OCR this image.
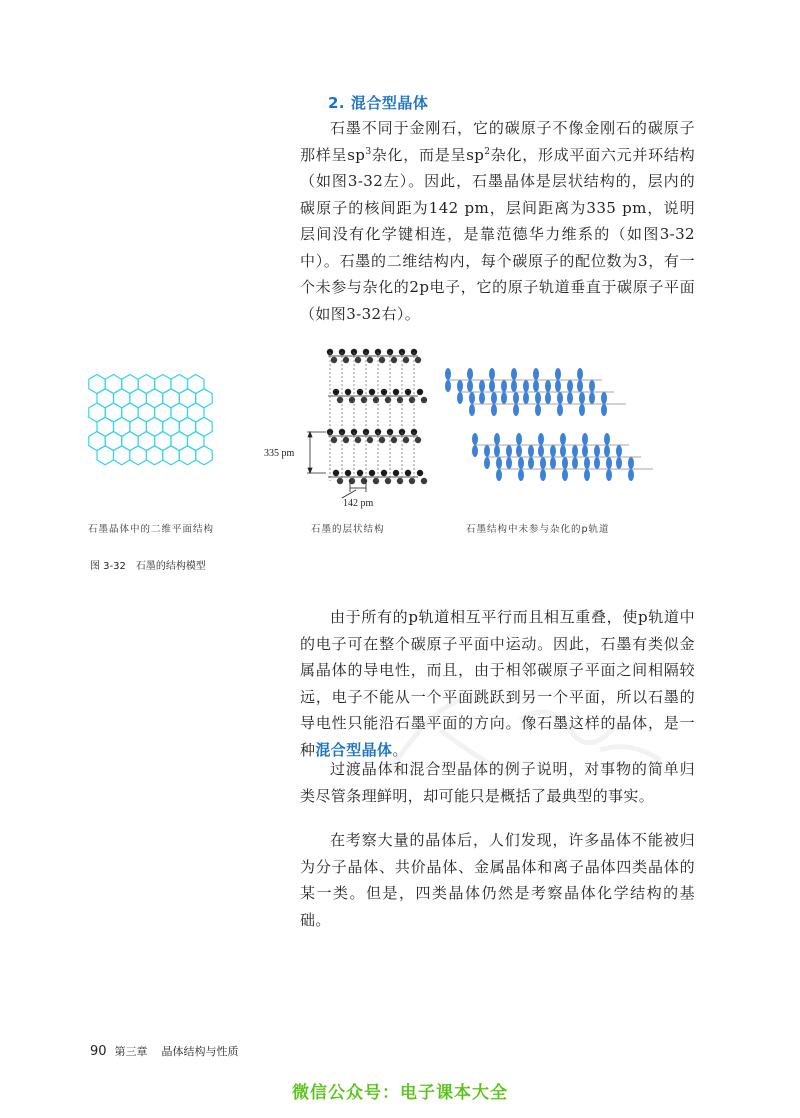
2. 混合型晶体

石墨不同于金刚石，它的碳原子不像金刚石的碳原子那样呈$sp^3$杂化，而是呈$sp^2$杂化，形成平面六元并环结构（如图3-32左）。因此，石墨晶体是层状结构的，层内的碳原子的核间距为142 pm，层间距离为335 pm，说明层间没有化学键相连，是靠范德华力维系的（如图3-32中）。石墨的二维结构内，每个碳原子的配位数为3，有一个未参与杂化的2p电子，它的原子轨道垂直于碳原子平面（如图3-32右）。

335 pm
142 pm
石墨晶体中的二维平面结构	石墨的层状结构	石墨结构中未参与杂化的p轨道
图 3-32 石墨的结构模型

由于所有的p轨道相互平行而且相互重叠，使p轨道中的电子可在整个碳原子平面中运动。因此，石墨有类似金属晶体的导电性，而且，由于相邻碳原子平面之间相隔较远，电子不能从一个平面跳跃到另一个平面，所以石墨的导电性只能沿石墨平面的方向。像石墨这样的晶体，是一种混合型晶体。

过渡晶体和混合型晶体的例子说明，对事物的简单归类尽管条理鲜明，却可能只是概括了最典型的事实。

在考察大量的晶体后，人们发现，许多晶体不能被归为分子晶体、共价晶体、金属晶体和离子晶体四类晶体的某一类。但是，四类晶体仍然是考察晶体化学结构的基础。

90 第三章 晶体结构与性质
微信公众号：电子课本大全
